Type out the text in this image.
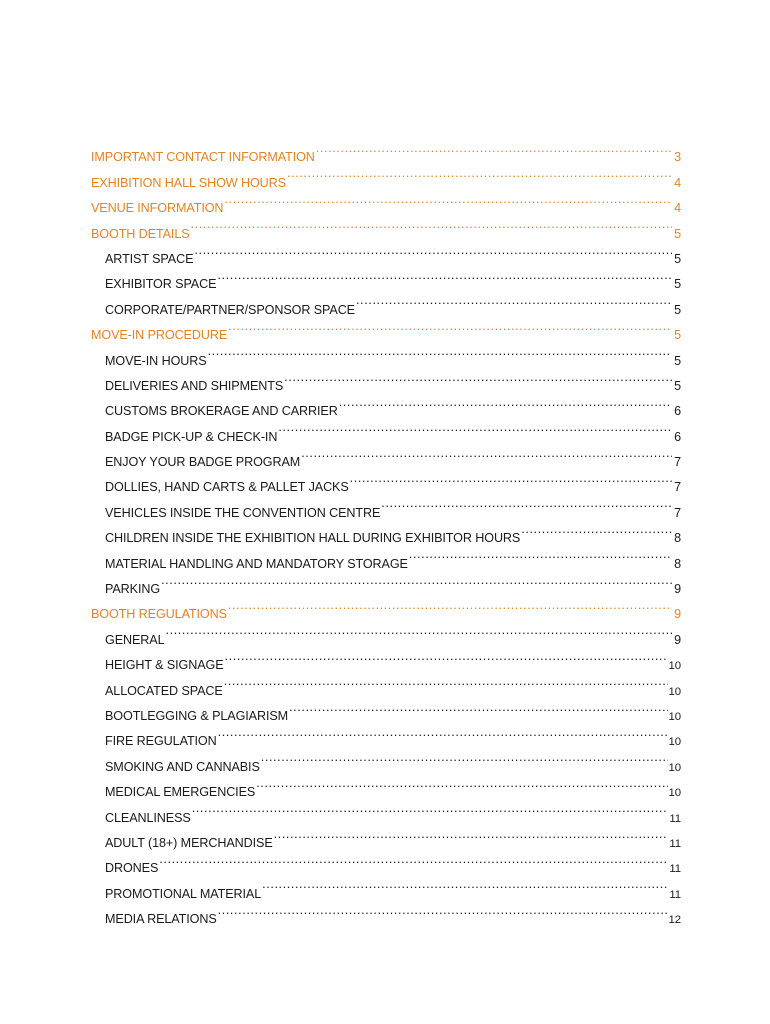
IMPORTANT CONTACT INFORMATION .....	3
EXHIBITION HALL SHOW HOURS .....	4
VENUE INFORMATION .....	4
BOOTH DETAILS .....	5
ARTIST SPACE .....	5
EXHIBITOR SPACE .....	5
CORPORATE/PARTNER/SPONSOR SPACE .....	5
MOVE-IN PROCEDURE .....	5
MOVE-IN HOURS .....	5
DELIVERIES AND SHIPMENTS .....	5
CUSTOMS BROKERAGE AND CARRIER .....	6
BADGE PICK-UP & CHECK-IN .....	6
ENJOY YOUR BADGE PROGRAM .....	7
DOLLIES, HAND CARTS & PALLET JACKS .....	7
VEHICLES INSIDE THE CONVENTION CENTRE .....	7
CHILDREN INSIDE THE EXHIBITION HALL DURING EXHIBITOR HOURS .....	8
MATERIAL HANDLING AND MANDATORY STORAGE .....	8
PARKING .....	9
BOOTH REGULATIONS .....	9
GENERAL .....	9
HEIGHT & SIGNAGE .....	10
ALLOCATED SPACE .....	10
BOOTLEGGING & PLAGIARISM .....	10
FIRE REGULATION .....	10
SMOKING AND CANNABIS .....	10
MEDICAL EMERGENCIES .....	10
CLEANLINESS .....	11
ADULT (18+) MERCHANDISE .....	11
DRONES .....	11
PROMOTIONAL MATERIAL .....	11
MEDIA RELATIONS .....	12
